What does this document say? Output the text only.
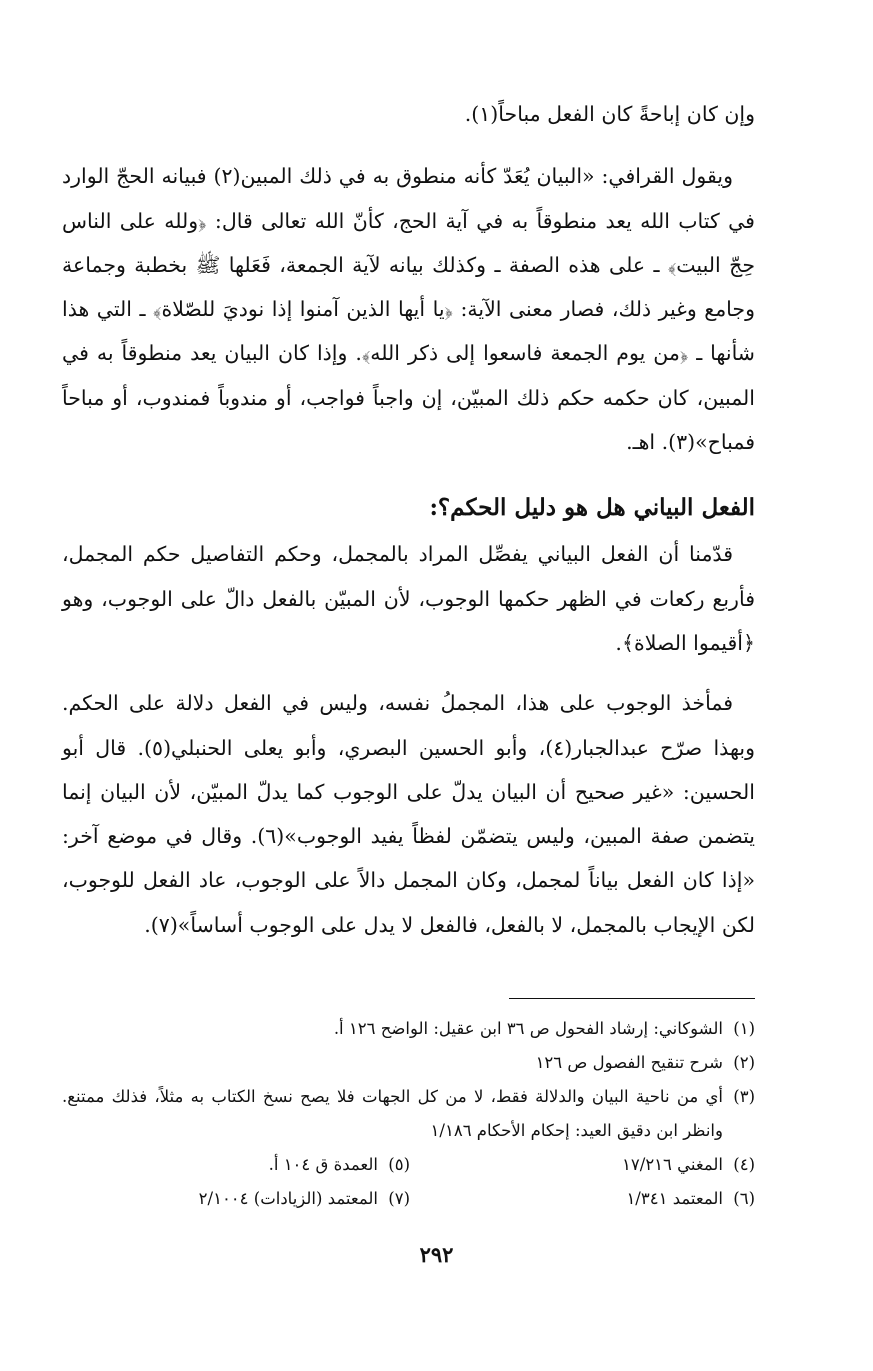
وإن كان إباحةً كان الفعل مباحاً(١).

ويقول القرافي: «البيان يُعَدّ كأنه منطوق به في ذلك المبين(٢) فبيانه الحجّ الوارد في كتاب الله يعد منطوقاً به في آية الحج، كأنّ الله تعالى قال: ﴿ولله على الناس حِجّ البيت﴾ ـ على هذه الصفة ـ وكذلك بيانه لآية الجمعة، فَعَلها ﷺ بخطبة وجماعة وجامع وغير ذلك، فصار معنى الآية: ﴿يا أيها الذين آمنوا إذا نوديَ للصّلاة﴾ ـ التي هذا شأنها ـ ﴿من يوم الجمعة فاسعوا إلى ذكر الله﴾. وإذا كان البيان يعد منطوقاً به في المبين، كان حكمه حكم ذلك المبيّن، إن واجباً فواجب، أو مندوباً فمندوب، أو مباحاً فمباح»(٣). اهـ.

الفعل البياني هل هو دليل الحكم؟:

قدّمنا أن الفعل البياني يفصِّل المراد بالمجمل، وحكم التفاصيل حكم المجمل، فأربع ركعات في الظهر حكمها الوجوب، لأن المبيّن بالفعل دالّ على الوجوب، وهو ﴿أقيموا الصلاة﴾.

فمأخذ الوجوب على هذا، المجملُ نفسه، وليس في الفعل دلالة على الحكم. وبهذا صرّح عبدالجبار(٤)، وأبو الحسين البصري، وأبو يعلى الحنبلي(٥). قال أبو الحسين: «غير صحيح أن البيان يدلّ على الوجوب كما يدلّ المبيّن، لأن البيان إنما يتضمن صفة المبين، وليس يتضمّن لفظاً يفيد الوجوب»(٦). وقال في موضع آخر: «إذا كان الفعل بياناً لمجمل، وكان المجمل دالاً على الوجوب، عاد الفعل للوجوب، لكن الإيجاب بالمجمل، لا بالفعل، فالفعل لا يدل على الوجوب أساساً»(٧).

(١)
الشوكاني: إرشاد الفحول ص ٣٦ ابن عقيل: الواضح ١٢٦ أ.
(٢)
شرح تنقيح الفصول ص ١٢٦
(٣)
أي من ناحية البيان والدلالة فقط، لا من كل الجهات فلا يصح نسخ الكتاب به مثلاً، فذلك ممتنع. وانظر ابن دقيق العيد: إحكام الأحكام ١/١٨٦
(٤)
المغني ١٧/٢١٦
(٥)
العمدة ق ١٠٤ أ.
(٦)
المعتمد ١/٣٤١
(٧)
المعتمد (الزيادات) ٢/١٠٠٤
٢٩٢
